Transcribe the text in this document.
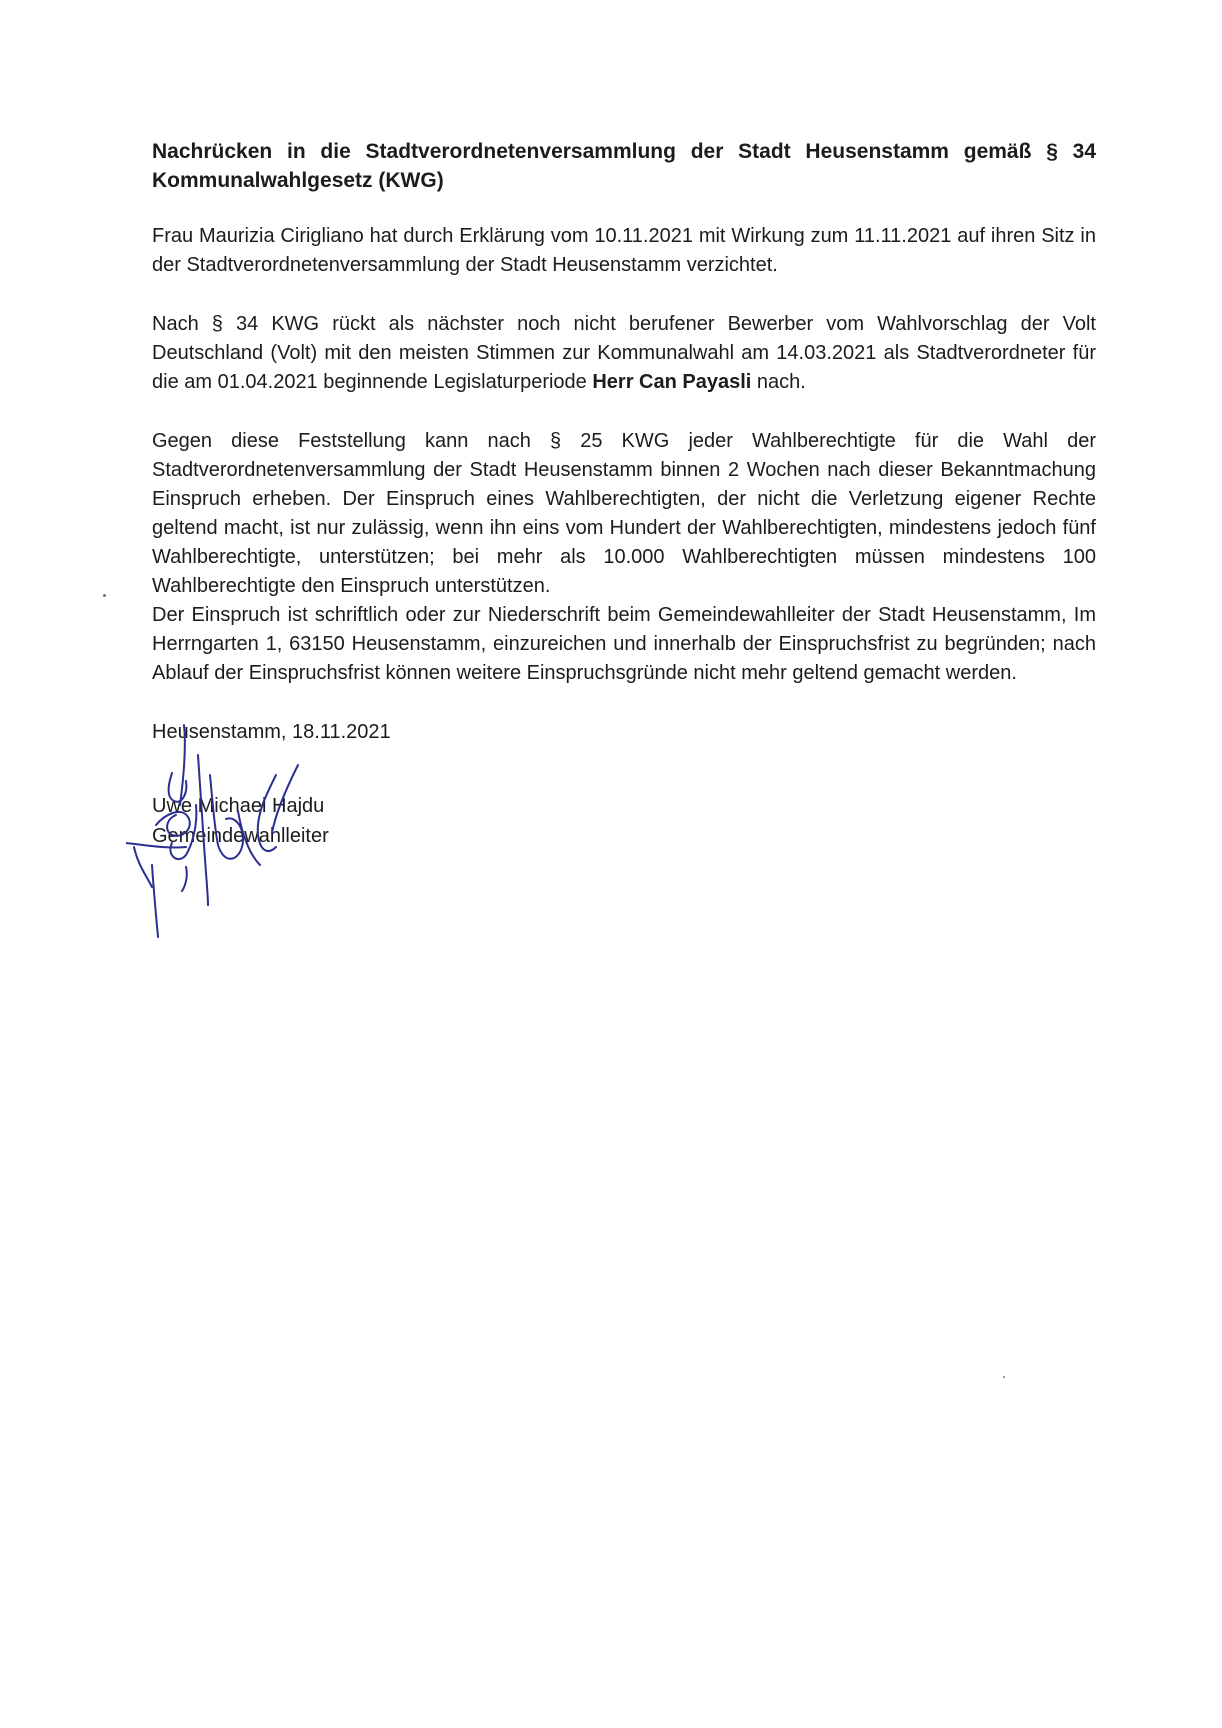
Nachrücken in die Stadtverordnetenversammlung der Stadt Heusenstamm gemäß § 34 Kommunalwahlgesetz (KWG)

Frau Maurizia Cirigliano hat durch Erklärung vom 10.11.2021 mit Wirkung zum 11.11.2021 auf ihren Sitz in der Stadtverordnetenversammlung der Stadt Heusenstamm verzichtet.

Nach § 34 KWG rückt als nächster noch nicht berufener Bewerber vom Wahlvorschlag der Volt Deutschland (Volt) mit den meisten Stimmen zur Kommunalwahl am 14.03.2021 als Stadtverordneter für die am 01.04.2021 beginnende Legislaturperiode Herr Can Payasli nach.

Gegen diese Feststellung kann nach § 25 KWG jeder Wahlberechtigte für die Wahl der Stadtverordnetenversammlung der Stadt Heusenstamm binnen 2 Wochen nach dieser Bekanntmachung Einspruch erheben. Der Einspruch eines Wahlberechtigten, der nicht die Verletzung eigener Rechte geltend macht, ist nur zulässig, wenn ihn eins vom Hundert der Wahlberechtigten, mindestens jedoch fünf Wahlberechtigte, unterstützen; bei mehr als 10.000 Wahlberechtigten müssen mindestens 100 Wahlberechtigte den Einspruch unterstützen.

Der Einspruch ist schriftlich oder zur Niederschrift beim Gemeindewahlleiter der Stadt Heusenstamm, Im Herrngarten 1, 63150 Heusenstamm, einzureichen und innerhalb der Einspruchsfrist zu begründen; nach Ablauf der Einspruchsfrist können weitere Einspruchsgründe nicht mehr geltend gemacht werden.

Heusenstamm, 18.11.2021
Uwe Michael Hajdu
Gemeindewahlleiter
